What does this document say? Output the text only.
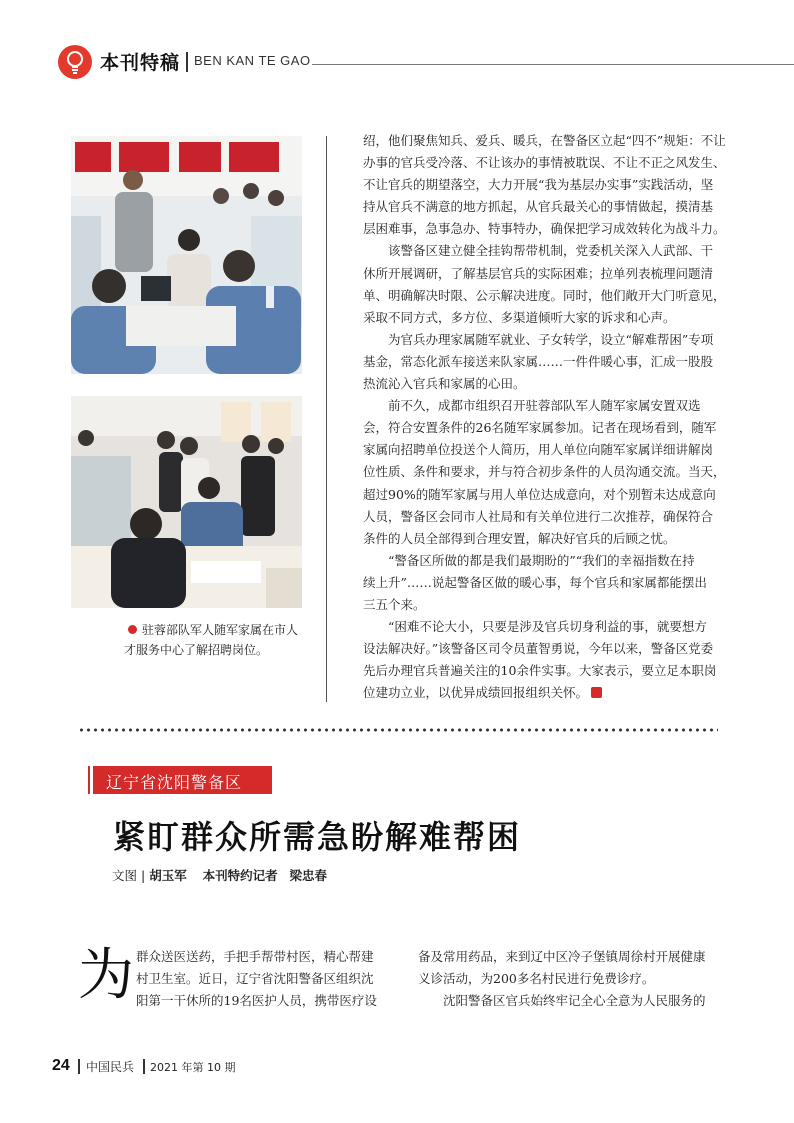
本刊特稿 BEN KAN TE GAO
驻蓉部队军人随军家属在市人
才服务中心了解招聘岗位。

绍，他们聚焦知兵、爱兵、暖兵，在警备区立起“四不”规矩：不让

办事的官兵受冷落、不让该办的事情被耽误、不让不正之风发生、

不让官兵的期望落空，大力开展“我为基层办实事”实践活动，坚

持从官兵不满意的地方抓起，从官兵最关心的事情做起，摸清基

层困难事，急事急办、特事特办，确保把学习成效转化为战斗力。

该警备区建立健全挂钩帮带机制，党委机关深入人武部、干

休所开展调研，了解基层官兵的实际困难；拉单列表梳理问题清

单、明确解决时限、公示解决进度。同时，他们敞开大门听意见，

采取不同方式，多方位、多渠道倾听大家的诉求和心声。

为官兵办理家属随军就业、子女转学，设立“解难帮困”专项

基金，常态化派车接送来队家属……一件件暖心事，汇成一股股

热流沁入官兵和家属的心田。

前不久，成都市组织召开驻蓉部队军人随军家属安置双选

会，符合安置条件的26名随军家属参加。记者在现场看到，随军

家属向招聘单位投送个人简历，用人单位向随军家属详细讲解岗

位性质、条件和要求，并与符合初步条件的人员沟通交流。当天，

超过90%的随军家属与用人单位达成意向，对个别暂未达成意向

人员，警备区会同市人社局和有关单位进行二次推荐，确保符合

条件的人员全部得到合理安置，解决好官兵的后顾之忧。

“警备区所做的都是我们最期盼的”“我们的幸福指数在持

续上升”……说起警备区做的暖心事，每个官兵和家属都能摆出

三五个来。

“困难不论大小，只要是涉及官兵切身利益的事，就要想方

设法解决好。”该警备区司令员董智勇说，今年以来，警备区党委

先后办理官兵普遍关注的10余件实事。大家表示，要立足本职岗

位建功立业，以优异成绩回报组织关怀。

辽宁省沈阳警备区
紧盯群众所需急盼解难帮困
文图 | 胡玉军 本刊特约记者 梁忠春
为 群众送医送药，手把手帮带村医，精心帮建

村卫生室。近日，辽宁省沈阳警备区组织沈

阳第一干休所的19名医护人员，携带医疗设

备及常用药品，来到辽中区冷子堡镇周徐村开展健康

义诊活动，为200多名村民进行免费诊疗。

沈阳警备区官兵始终牢记全心全意为人民服务的

24 中国民兵 2021 年第 10 期
